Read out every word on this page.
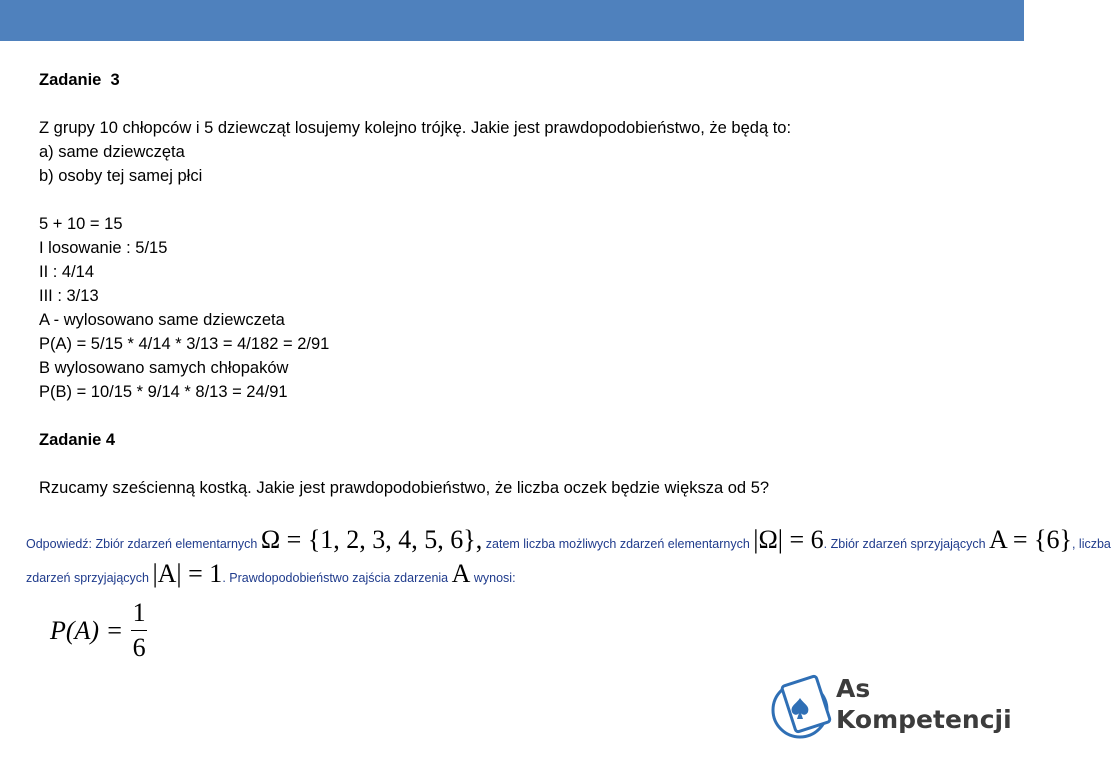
Zadanie  3

Z grupy 10 chłopców i 5 dziewcząt losujemy kolejno trójkę. Jakie jest prawdopodobieństwo, że będą to:

a) same dziewczęta

b) osoby tej samej płci

5 + 10 = 15

I losowanie : 5/15

II : 4/14

III : 3/13

A - wylosowano same dziewczeta

P(A) = 5/15 * 4/14 * 3/13 = 4/182 = 2/91

B wylosowano samych chłopaków

P(B) = 10/15 * 9/14 * 8/13 = 24/91

Zadanie 4

Rzucamy sześcienną kostką. Jakie jest prawdopodobieństwo, że liczba oczek będzie większa od 5?

Odpowiedź: Zbiór zdarzeń elementarnych Ω = {1, 2, 3, 4, 5, 6}, zatem liczba możliwych zdarzeń elementarnych |Ω| = 6. Zbiór zdarzeń sprzyjających A = {6}, liczba
zdarzeń sprzyjających |A| = 1. Prawdopodobieństwo zajścia zdarzenia A wynosi:
$P(A) = \frac{1}{6}$
As
Kompetencji
